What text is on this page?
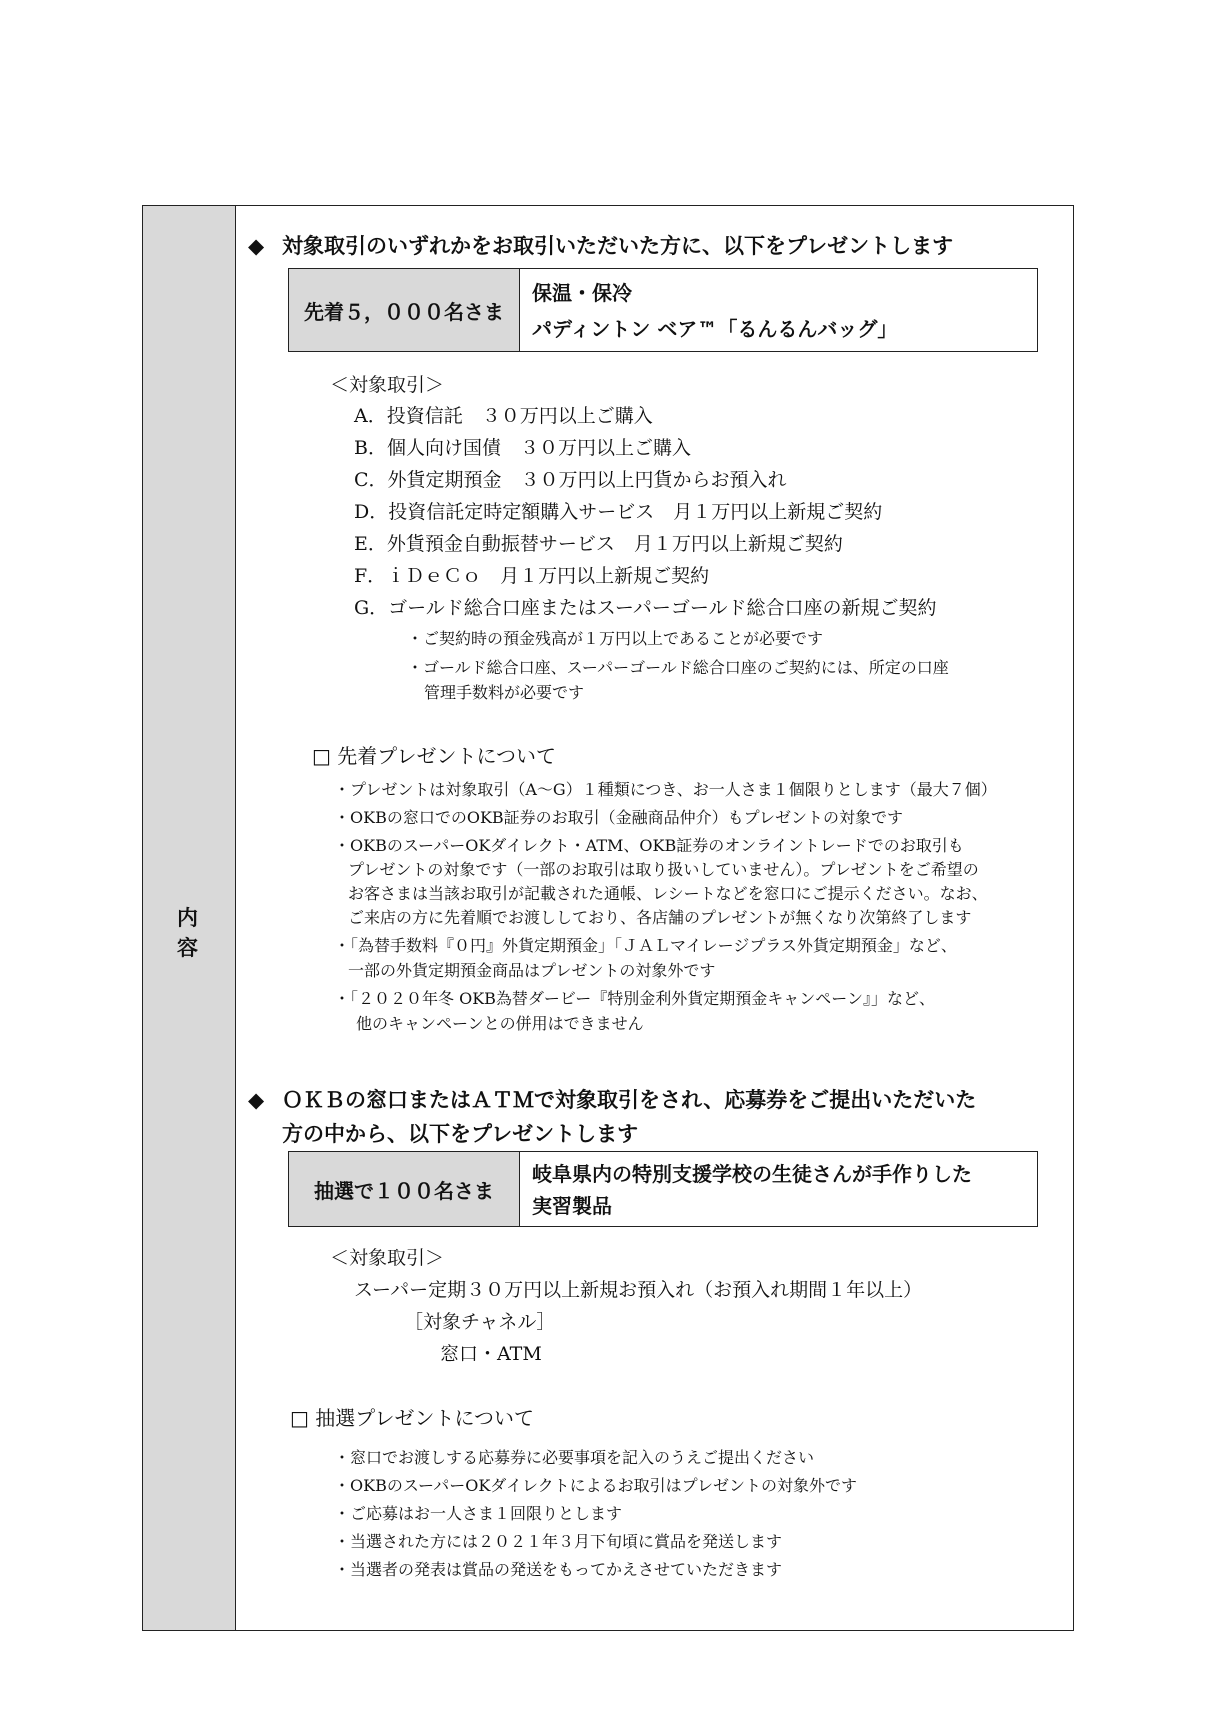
内　容
◆ 対象取引のいずれかをお取引いただいた方に、以下をプレゼントします
先着５，０００名さま
保温・保冷
パディントン ベア™「るんるんバッグ」
＜対象取引＞
A．投資信託　３０万円以上ご購入
B．個人向け国債　３０万円以上ご購入
C．外貨定期預金　３０万円以上円貨からお預入れ
D．投資信託定時定額購入サービス　月１万円以上新規ご契約
E．外貨預金自動振替サービス　月１万円以上新規ご契約
F．ｉＤｅＣｏ　月１万円以上新規ご契約
G．ゴールド総合口座またはスーパーゴールド総合口座の新規ご契約
・ご契約時の預金残高が１万円以上であることが必要です
・ゴールド総合口座、スーパーゴールド総合口座のご契約には、所定の口座
管理手数料が必要です
□ 先着プレゼントについて
・プレゼントは対象取引（A～G）１種類につき、お一人さま１個限りとします（最大７個）
・OKBの窓口でのOKB証券のお取引（金融商品仲介）もプレゼントの対象です
・OKBのスーパーOKダイレクト・ATM、OKB証券のオンライントレードでのお取引も
プレゼントの対象です（一部のお取引は取り扱いしていません）。プレゼントをご希望の
お客さまは当該お取引が記載された通帳、レシートなどを窓口にご提示ください。なお、
ご来店の方に先着順でお渡ししており、各店舗のプレゼントが無くなり次第終了します
・「為替手数料『０円』外貨定期預金」「ＪＡＬマイレージプラス外貨定期預金」など、
一部の外貨定期預金商品はプレゼントの対象外です
・「２０２０年冬 OKB為替ダービー『特別金利外貨定期預金キャンペーン』」など、
他のキャンペーンとの併用はできません
◆ ＯＫＢの窓口またはＡＴＭで対象取引をされ、応募券をご提出いただいた
方の中から、以下をプレゼントします
抽選で１００名さま
岐阜県内の特別支援学校の生徒さんが手作りした
実習製品
＜対象取引＞
スーパー定期３０万円以上新規お預入れ（お預入れ期間１年以上）
［対象チャネル］
窓口・ATM
□ 抽選プレゼントについて
・窓口でお渡しする応募券に必要事項を記入のうえご提出ください
・OKBのスーパーOKダイレクトによるお取引はプレゼントの対象外です
・ご応募はお一人さま１回限りとします
・当選された方には２０２１年３月下旬頃に賞品を発送します
・当選者の発表は賞品の発送をもってかえさせていただきます
